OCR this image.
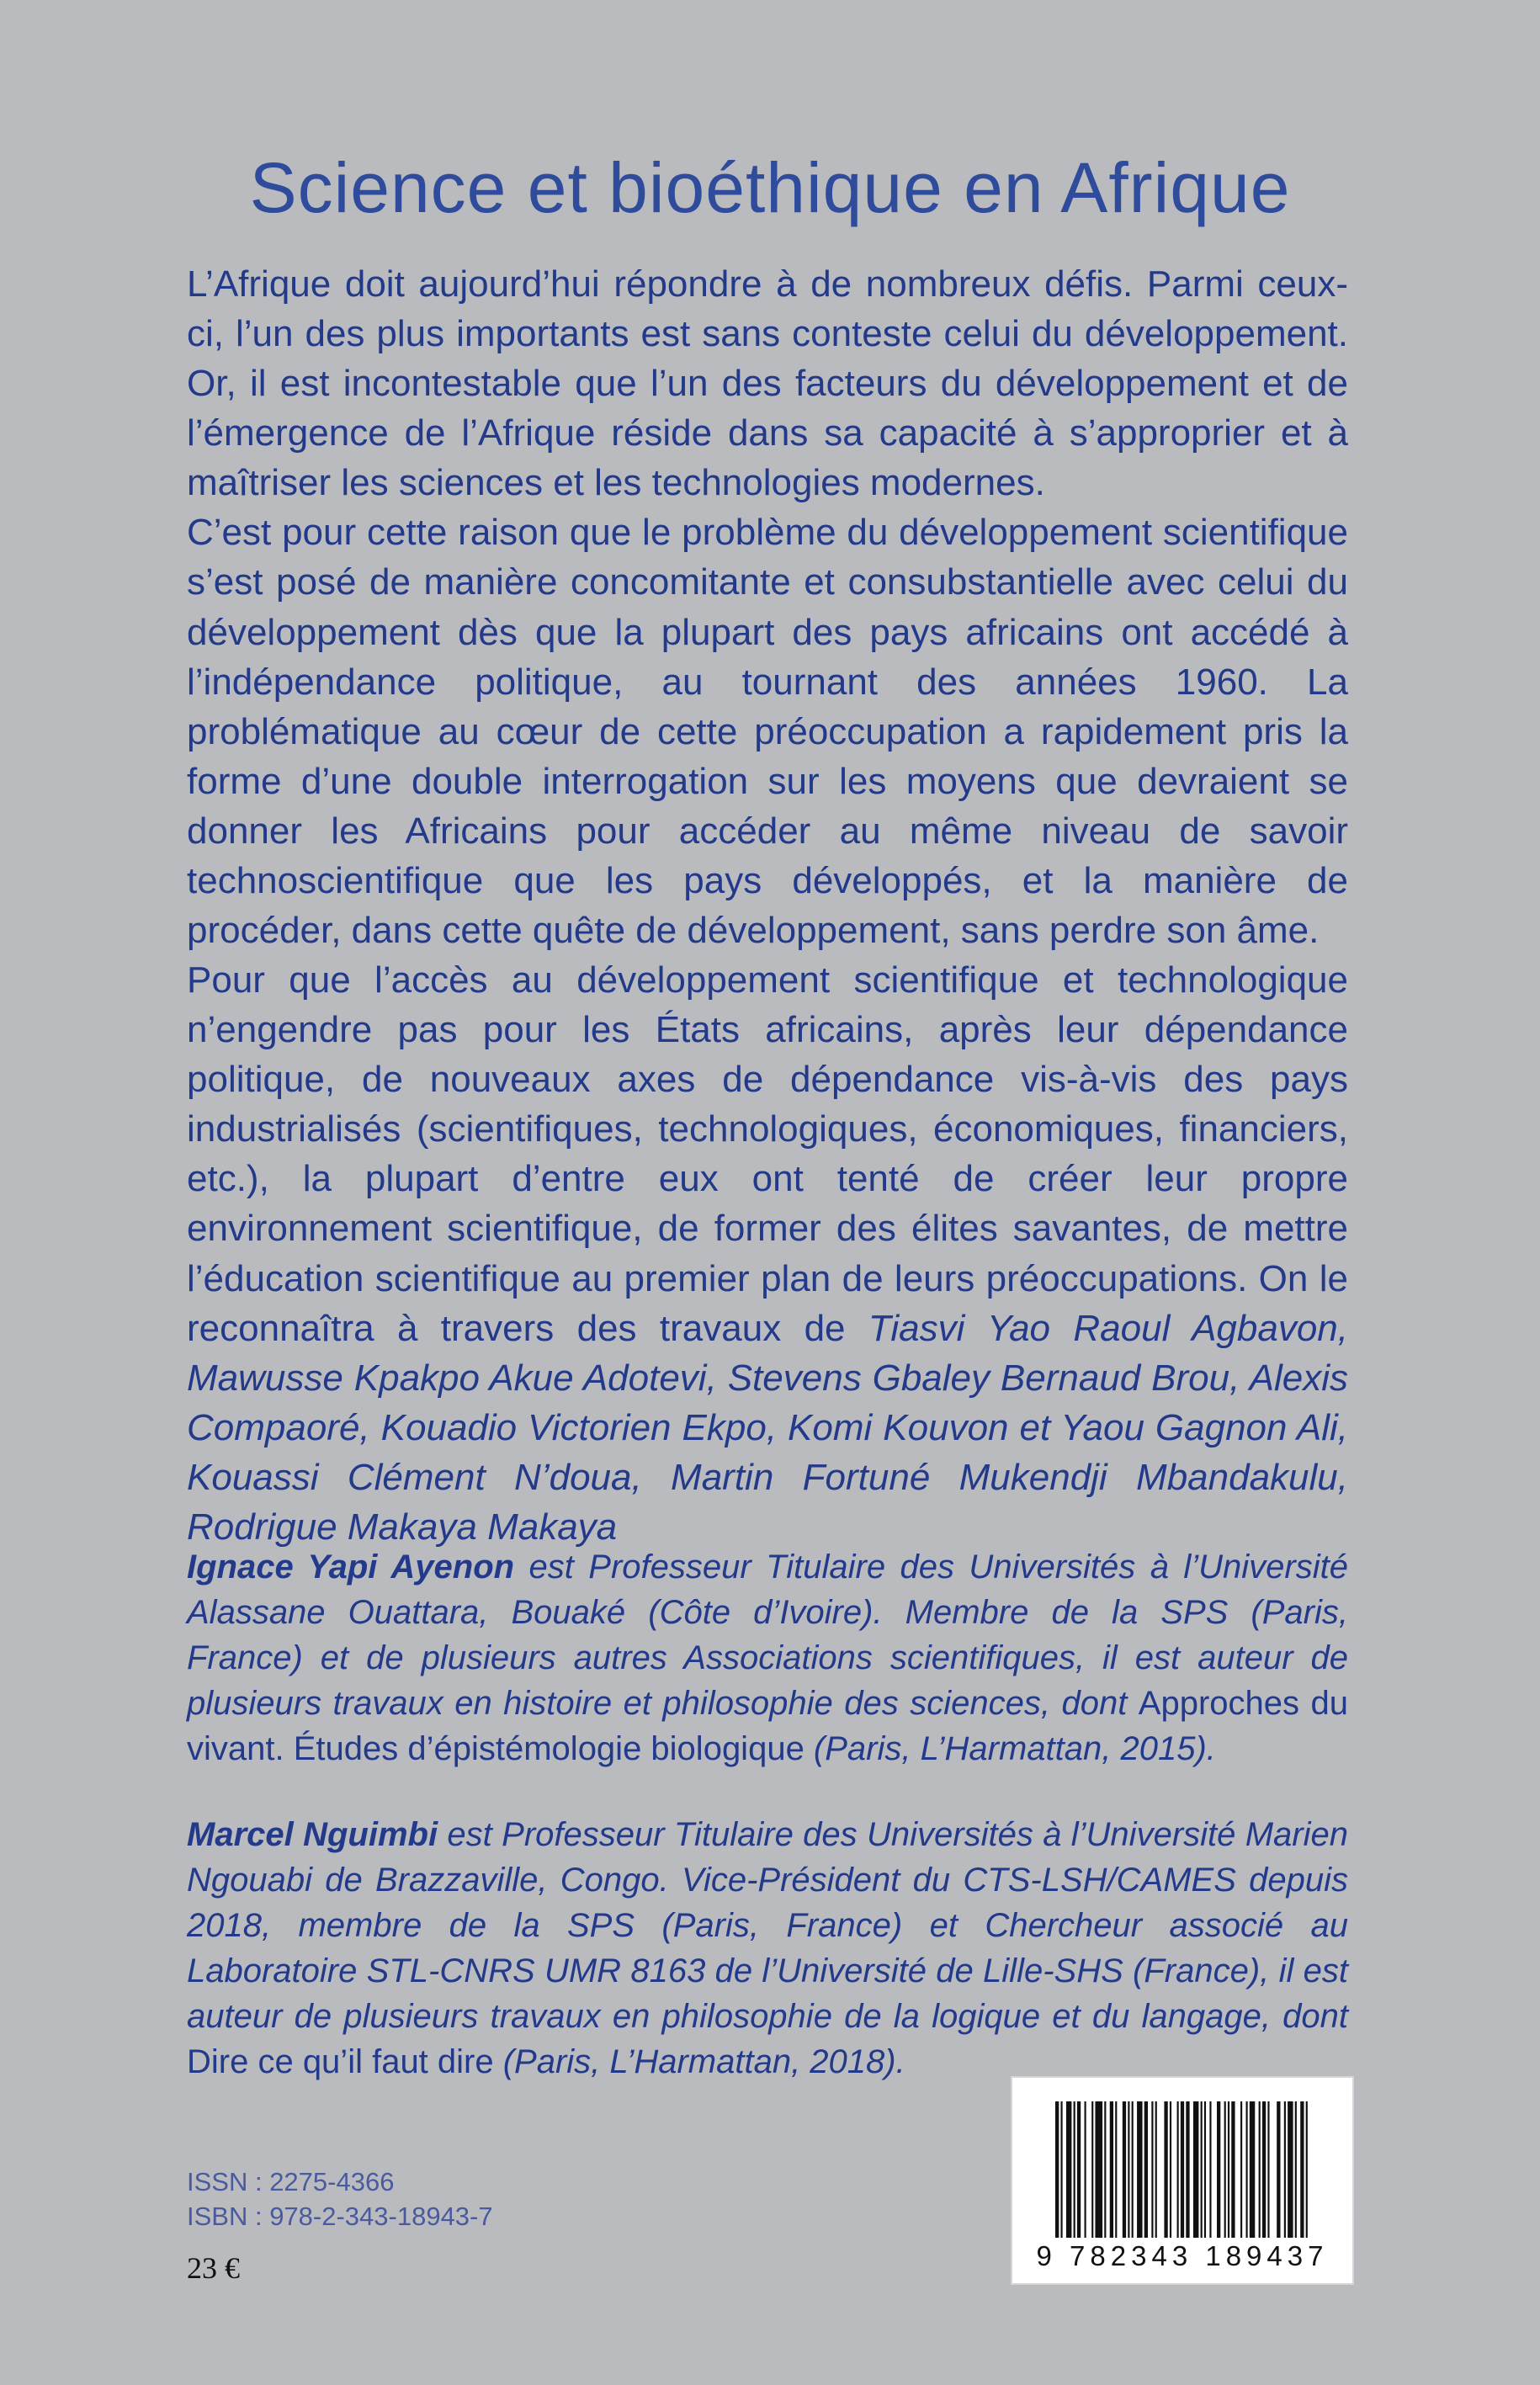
Science et bioéthique en Afrique

L’Afrique doit aujourd’hui répondre à de nombreux défis. Parmi ceux-ci, l’un des plus importants est sans conteste celui du développement. Or, il est incontestable que l’un des facteurs du développement et de l’émergence de l’Afrique réside dans sa capacité à s’approprier et à maîtriser les sciences et les technologies modernes.

C’est pour cette raison que le problème du développement scientifique s’est posé de manière concomitante et consubstantielle avec celui du développement dès que la plupart des pays africains ont accédé à l’indépendance politique, au tournant des années 1960. La problématique au cœur de cette préoccupation a rapidement pris la forme d’une double interrogation sur les moyens que devraient se donner les Africains pour accéder au même niveau de savoir technoscientifique que les pays développés, et la manière de procéder, dans cette quête de développement, sans perdre son âme.

Pour que l’accès au développement scientifique et technologique n’engendre pas pour les États africains, après leur dépendance politique, de nouveaux axes de dépendance vis-à-vis des pays industrialisés (scientifiques, technologiques, économiques, financiers, etc.), la plupart d’entre eux ont tenté de créer leur propre environnement scientifique, de former des élites savantes, de mettre l’éducation scientifique au premier plan de leurs préoccupations. On le reconnaîtra à travers des travaux de Tiasvi Yao Raoul Agbavon, Mawusse Kpakpo Akue Adotevi, Stevens Gbaley Bernaud Brou, Alexis Compaoré, Kouadio Victorien Ekpo, Komi Kouvon et Yaou Gagnon Ali, Kouassi Clément N’doua, Martin Fortuné Mukendji Mbandakulu, Rodrigue Makaya Makaya

Ignace Yapi Ayenon est Professeur Titulaire des Universités à l’Université Alassane Ouattara, Bouaké (Côte d’Ivoire). Membre de la SPS (Paris, France) et de plusieurs autres Associations scientifiques, il est auteur de plusieurs travaux en histoire et philosophie des sciences, dont Approches du vivant. Études d’épistémologie biologique (Paris, L’Harmattan, 2015).

Marcel Nguimbi est Professeur Titulaire des Universités à l’Université Marien Ngouabi de Brazzaville, Congo. Vice-Président du CTS-LSH/CAMES depuis 2018, membre de la SPS (Paris, France) et Chercheur associé au Laboratoire STL-CNRS UMR 8163 de l’Université de Lille-SHS (France), il est auteur de plusieurs travaux en philosophie de la logique et du langage, dont Dire ce qu’il faut dire (Paris, L’Harmattan, 2018).

ISSN : 2275-4366
ISBN : 978-2-343-18943-7
23 €	9 782343 189437
